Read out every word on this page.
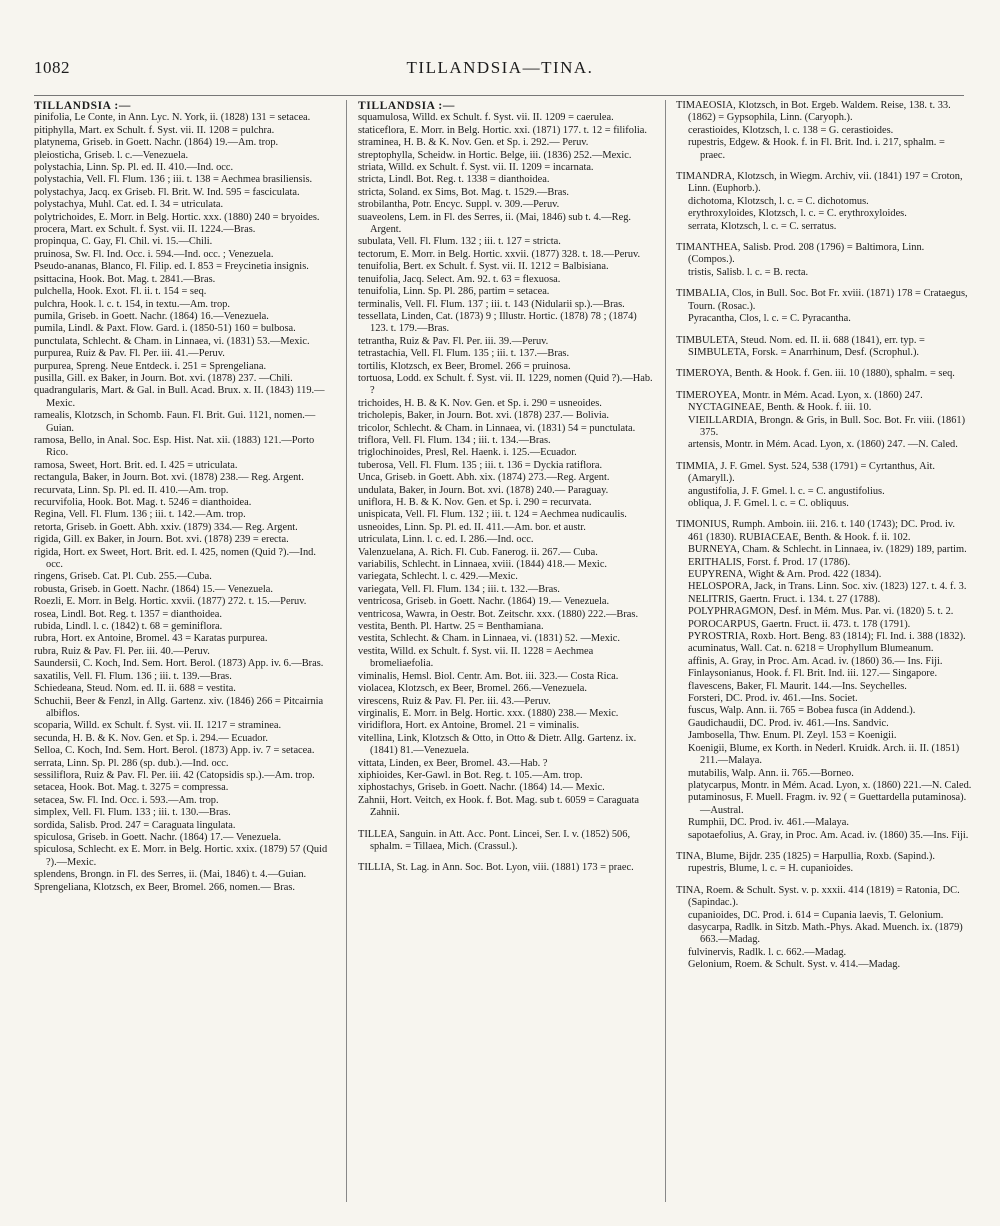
1082	TILLANDSIA—TINA.
TILLANDSIA :—

pinifolia, Le Conte, in Ann. Lyc. N. York, ii. (1828) 131 = setacea.

pitiphylla, Mart. ex Schult. f. Syst. vii. II. 1208 = pulchra.

platynema, Griseb. in Goett. Nachr. (1864) 19.—Am. trop.

pleiosticha, Griseb. l. c.—Venezuela.

polystachia, Linn. Sp. Pl. ed. II. 410.—Ind. occ.

polystachia, Vell. Fl. Flum. 136 ; iii. t. 138 = Aechmea brasiliensis.

polystachya, Jacq. ex Griseb. Fl. Brit. W. Ind. 595 = fasciculata.

polystachya, Muhl. Cat. ed. I. 34 = utriculata.

polytrichoides, E. Morr. in Belg. Hortic. xxx. (1880) 240 = bryoides.

procera, Mart. ex Schult. f. Syst. vii. II. 1224.—Bras.

propinqua, C. Gay, Fl. Chil. vi. 15.—Chili.

pruinosa, Sw. Fl. Ind. Occ. i. 594.—Ind. occ. ; Venezuela.

Pseudo-ananas, Blanco, Fl. Filip. ed. I. 853 = Freycinetia insignis.

psittacina, Hook. Bot. Mag. t. 2841.—Bras.

pulchella, Hook. Exot. Fl. ii. t. 154 = seq.

pulchra, Hook. l. c. t. 154, in textu.—Am. trop.

pumila, Griseb. in Goett. Nachr. (1864) 16.—Venezuela.

pumila, Lindl. & Paxt. Flow. Gard. i. (1850-51) 160 = bulbosa.

punctulata, Schlecht. & Cham. in Linnaea, vi. (1831) 53.—Mexic.

purpurea, Ruiz & Pav. Fl. Per. iii. 41.—Peruv.

purpurea, Spreng. Neue Entdeck. i. 251 = Sprengeliana.

pusilla, Gill. ex Baker, in Journ. Bot. xvi. (1878) 237. —Chili.

quadrangularis, Mart. & Gal. in Bull. Acad. Brux. x. II. (1843) 119.—Mexic.

ramealis, Klotzsch, in Schomb. Faun. Fl. Brit. Gui. 1121, nomen.—Guian.

ramosa, Bello, in Anal. Soc. Esp. Hist. Nat. xii. (1883) 121.—Porto Rico.

ramosa, Sweet, Hort. Brit. ed. I. 425 = utriculata.

rectangula, Baker, in Journ. Bot. xvi. (1878) 238.— Reg. Argent.

recurvata, Linn. Sp. Pl. ed. II. 410.—Am. trop.

recurvifolia, Hook. Bot. Mag. t. 5246 = dianthoidea.

Regina, Vell. Fl. Flum. 136 ; iii. t. 142.—Am. trop.

retorta, Griseb. in Goett. Abh. xxiv. (1879) 334.— Reg. Argent.

rigida, Gill. ex Baker, in Journ. Bot. xvi. (1878) 239 = erecta.

rigida, Hort. ex Sweet, Hort. Brit. ed. I. 425, nomen (Quid ?).—Ind. occ.

ringens, Griseb. Cat. Pl. Cub. 255.—Cuba.

robusta, Griseb. in Goett. Nachr. (1864) 15.— Venezuela.

Roezli, E. Morr. in Belg. Hortic. xxvii. (1877) 272. t. 15.—Peruv.

rosea, Lindl. Bot. Reg. t. 1357 = dianthoidea.

rubida, Lindl. l. c. (1842) t. 68 = geminiflora.

rubra, Hort. ex Antoine, Bromel. 43 = Karatas purpurea.

rubra, Ruiz & Pav. Fl. Per. iii. 40.—Peruv.

Saundersii, C. Koch, Ind. Sem. Hort. Berol. (1873) App. iv. 6.—Bras.

saxatilis, Vell. Fl. Flum. 136 ; iii. t. 139.—Bras.

Schiedeana, Steud. Nom. ed. II. ii. 688 = vestita.

Schuchii, Beer & Fenzl, in Allg. Gartenz. xiv. (1846) 266 = Pitcairnia albiflos.

scoparia, Willd. ex Schult. f. Syst. vii. II. 1217 = straminea.

secunda, H. B. & K. Nov. Gen. et Sp. i. 294.— Ecuador.

Selloa, C. Koch, Ind. Sem. Hort. Berol. (1873) App. iv. 7 = setacea.

serrata, Linn. Sp. Pl. 286 (sp. dub.).—Ind. occ.

sessiliflora, Ruiz & Pav. Fl. Per. iii. 42 (Catopsidis sp.).—Am. trop.

setacea, Hook. Bot. Mag. t. 3275 = compressa.

setacea, Sw. Fl. Ind. Occ. i. 593.—Am. trop.

simplex, Vell. Fl. Flum. 133 ; iii. t. 130.—Bras.

sordida, Salisb. Prod. 247 = Caraguata lingulata.

spiculosa, Griseb. in Goett. Nachr. (1864) 17.— Venezuela.

spiculosa, Schlecht. ex E. Morr. in Belg. Hortic. xxix. (1879) 57 (Quid ?).—Mexic.

splendens, Brongn. in Fl. des Serres, ii. (Mai, 1846) t. 4.—Guian.

Sprengeliana, Klotzsch, ex Beer, Bromel. 266, nomen.— Bras.

TILLANDSIA :—

squamulosa, Willd. ex Schult. f. Syst. vii. II. 1209 = caerulea.

staticeflora, E. Morr. in Belg. Hortic. xxi. (1871) 177. t. 12 = filifolia.

straminea, H. B. & K. Nov. Gen. et Sp. i. 292.— Peruv.

streptophylla, Scheidw. in Hortic. Belge, iii. (1836) 252.—Mexic.

striata, Willd. ex Schult. f. Syst. vii. II. 1209 = incarnata.

stricta, Lindl. Bot. Reg. t. 1338 = dianthoidea.

stricta, Soland. ex Sims, Bot. Mag. t. 1529.—Bras.

strobilantha, Potr. Encyc. Suppl. v. 309.—Peruv.

suaveolens, Lem. in Fl. des Serres, ii. (Mai, 1846) sub t. 4.—Reg. Argent.

subulata, Vell. Fl. Flum. 132 ; iii. t. 127 = stricta.

tectorum, E. Morr. in Belg. Hortic. xxvii. (1877) 328. t. 18.—Peruv.

tenuifolia, Bert. ex Schult. f. Syst. vii. II. 1212 = Balbisiana.

tenuifolia, Jacq. Select. Am. 92. t. 63 = flexuosa.

tenuifolia, Linn. Sp. Pl. 286, partim = setacea.

terminalis, Vell. Fl. Flum. 137 ; iii. t. 143 (Nidularii sp.).—Bras.

tessellata, Linden, Cat. (1873) 9 ; Illustr. Hortic. (1878) 78 ; (1874) 123. t. 179.—Bras.

tetrantha, Ruiz & Pav. Fl. Per. iii. 39.—Peruv.

tetrastachia, Vell. Fl. Flum. 135 ; iii. t. 137.—Bras.

tortilis, Klotzsch, ex Beer, Bromel. 266 = pruinosa.

tortuosa, Lodd. ex Schult. f. Syst. vii. II. 1229, nomen (Quid ?).—Hab. ?

trichoides, H. B. & K. Nov. Gen. et Sp. i. 290 = usneoides.

tricholepis, Baker, in Journ. Bot. xvi. (1878) 237.— Bolivia.

tricolor, Schlecht. & Cham. in Linnaea, vi. (1831) 54 = punctulata.

triflora, Vell. Fl. Flum. 134 ; iii. t. 134.—Bras.

triglochinoides, Presl, Rel. Haenk. i. 125.—Ecuador.

tuberosa, Vell. Fl. Flum. 135 ; iii. t. 136 = Dyckia ratiflora.

Unca, Griseb. in Goett. Abh. xix. (1874) 273.—Reg. Argent.

undulata, Baker, in Journ. Bot. xvi. (1878) 240.— Paraguay.

uniflora, H. B. & K. Nov. Gen. et Sp. i. 290 = recurvata.

unispicata, Vell. Fl. Flum. 132 ; iii. t. 124 = Aechmea nudicaulis.

usneoides, Linn. Sp. Pl. ed. II. 411.—Am. bor. et austr.

utriculata, Linn. l. c. ed. I. 286.—Ind. occ.

Valenzuelana, A. Rich. Fl. Cub. Fanerog. ii. 267.— Cuba.

variabilis, Schlecht. in Linnaea, xviii. (1844) 418.— Mexic.

variegata, Schlecht. l. c. 429.—Mexic.

variegata, Vell. Fl. Flum. 134 ; iii. t. 132.—Bras.

ventricosa, Griseb. in Goett. Nachr. (1864) 19.— Venezuela.

ventricosa, Wawra, in Oestr. Bot. Zeitschr. xxx. (1880) 222.—Bras.

vestita, Benth. Pl. Hartw. 25 = Benthamiana.

vestita, Schlecht. & Cham. in Linnaea, vi. (1831) 52. —Mexic.

vestita, Willd. ex Schult. f. Syst. vii. II. 1228 = Aechmea bromeliaefolia.

viminalis, Hemsl. Biol. Centr. Am. Bot. iii. 323.— Costa Rica.

violacea, Klotzsch, ex Beer, Bromel. 266.—Venezuela.

virescens, Ruiz & Pav. Fl. Per. iii. 43.—Peruv.

virginalis, E. Morr. in Belg. Hortic. xxx. (1880) 238.— Mexic.

viridiflora, Hort. ex Antoine, Bromel. 21 = viminalis.

vitellina, Link, Klotzsch & Otto, in Otto & Dietr. Allg. Gartenz. ix. (1841) 81.—Venezuela.

vittata, Linden, ex Beer, Bromel. 43.—Hab. ?

xiphioides, Ker-Gawl. in Bot. Reg. t. 105.—Am. trop.

xiphostachys, Griseb. in Goett. Nachr. (1864) 14.— Mexic.

Zahnii, Hort. Veitch, ex Hook. f. Bot. Mag. sub t. 6059 = Caraguata Zahnii.

TILLEA, Sanguin. in Att. Acc. Pont. Lincei, Ser. I. v. (1852) 506, sphalm. = Tillaea, Mich. (Crassul.).

TILLIA, St. Lag. in Ann. Soc. Bot. Lyon, viii. (1881) 173 = praec.

TIMAEOSIA, Klotzsch, in Bot. Ergeb. Waldem. Reise, 138. t. 33. (1862) = Gypsophila, Linn. (Caryoph.).

cerastioides, Klotzsch, l. c. 138 = G. cerastioides.

rupestris, Edgew. & Hook. f. in Fl. Brit. Ind. i. 217, sphalm. = praec.

TIMANDRA, Klotzsch, in Wiegm. Archiv, vii. (1841) 197 = Croton, Linn. (Euphorb.).

dichotoma, Klotzsch, l. c. = C. dichotomus.

erythroxyloides, Klotzsch, l. c. = C. erythroxyloides.

serrata, Klotzsch, l. c. = C. serratus.

TIMANTHEA, Salisb. Prod. 208 (1796) = Baltimora, Linn. (Compos.).

tristis, Salisb. l. c. = B. recta.

TIMBALIA, Clos, in Bull. Soc. Bot Fr. xviii. (1871) 178 = Crataegus, Tourn. (Rosac.).

Pyracantha, Clos, l. c. = C. Pyracantha.

TIMBULETA, Steud. Nom. ed. II. ii. 688 (1841), err. typ. = SIMBULETA, Forsk. = Anarrhinum, Desf. (Scrophul.).

TIMEROYA, Benth. & Hook. f. Gen. iii. 10 (1880), sphalm. = seq.

TIMEROYEA, Montr. in Mém. Acad. Lyon, x. (1860) 247. NYCTAGINEAE, Benth. & Hook. f. iii. 10.

VIEILLARDIA, Brongn. & Gris, in Bull. Soc. Bot. Fr. viii. (1861) 375.

artensis, Montr. in Mém. Acad. Lyon, x. (1860) 247. —N. Caled.

TIMMIA, J. F. Gmel. Syst. 524, 538 (1791) = Cyrtanthus, Ait. (Amaryll.).

angustifolia, J. F. Gmel. l. c. = C. angustifolius.

obliqua, J. F. Gmel. l. c. = C. obliquus.

TIMONIUS, Rumph. Amboin. iii. 216. t. 140 (1743); DC. Prod. iv. 461 (1830). RUBIACEAE, Benth. & Hook. f. ii. 102.

BURNEYA, Cham. & Schlecht. in Linnaea, iv. (1829) 189, partim.

ERITHALIS, Forst. f. Prod. 17 (1786).

EUPYRENA, Wight & Arn. Prod. 422 (1834).

HELOSPORA, Jack, in Trans. Linn. Soc. xiv. (1823) 127. t. 4. f. 3.

NELITRIS, Gaertn. Fruct. i. 134. t. 27 (1788).

POLYPHRAGMON, Desf. in Mém. Mus. Par. vi. (1820) 5. t. 2.

POROCARPUS, Gaertn. Fruct. ii. 473. t. 178 (1791).

PYROSTRIA, Roxb. Hort. Beng. 83 (1814); Fl. Ind. i. 388 (1832).

acuminatus, Wall. Cat. n. 6218 = Urophyllum Blumeanum.

affinis, A. Gray, in Proc. Am. Acad. iv. (1860) 36.— Ins. Fiji.

Finlaysonianus, Hook. f. Fl. Brit. Ind. iii. 127.— Singapore.

flavescens, Baker, Fl. Maurit. 144.—Ins. Seychelles.

Forsteri, DC. Prod. iv. 461.—Ins. Societ.

fuscus, Walp. Ann. ii. 765 = Bobea fusca (in Addend.).

Gaudichaudii, DC. Prod. iv. 461.—Ins. Sandvic.

Jambosella, Thw. Enum. Pl. Zeyl. 153 = Koenigii.

Koenigii, Blume, ex Korth. in Nederl. Kruidk. Arch. ii. II. (1851) 211.—Malaya.

mutabilis, Walp. Ann. ii. 765.—Borneo.

platycarpus, Montr. in Mém. Acad. Lyon, x. (1860) 221.—N. Caled.

putaminosus, F. Muell. Fragm. iv. 92 ( = Guettardella putaminosa).—Austral.

Rumphii, DC. Prod. iv. 461.—Malaya.

sapotaefolius, A. Gray, in Proc. Am. Acad. iv. (1860) 35.—Ins. Fiji.

TINA, Blume, Bijdr. 235 (1825) = Harpullia, Roxb. (Sapind.).

rupestris, Blume, l. c. = H. cupanioides.

TINA, Roem. & Schult. Syst. v. p. xxxii. 414 (1819) = Ratonia, DC. (Sapindac.).

cupanioides, DC. Prod. i. 614 = Cupania laevis, T. Gelonium.

dasycarpa, Radlk. in Sitzb. Math.-Phys. Akad. Muench. ix. (1879) 663.—Madag.

fulvinervis, Radlk. l. c. 662.—Madag.

Gelonium, Roem. & Schult. Syst. v. 414.—Madag.
